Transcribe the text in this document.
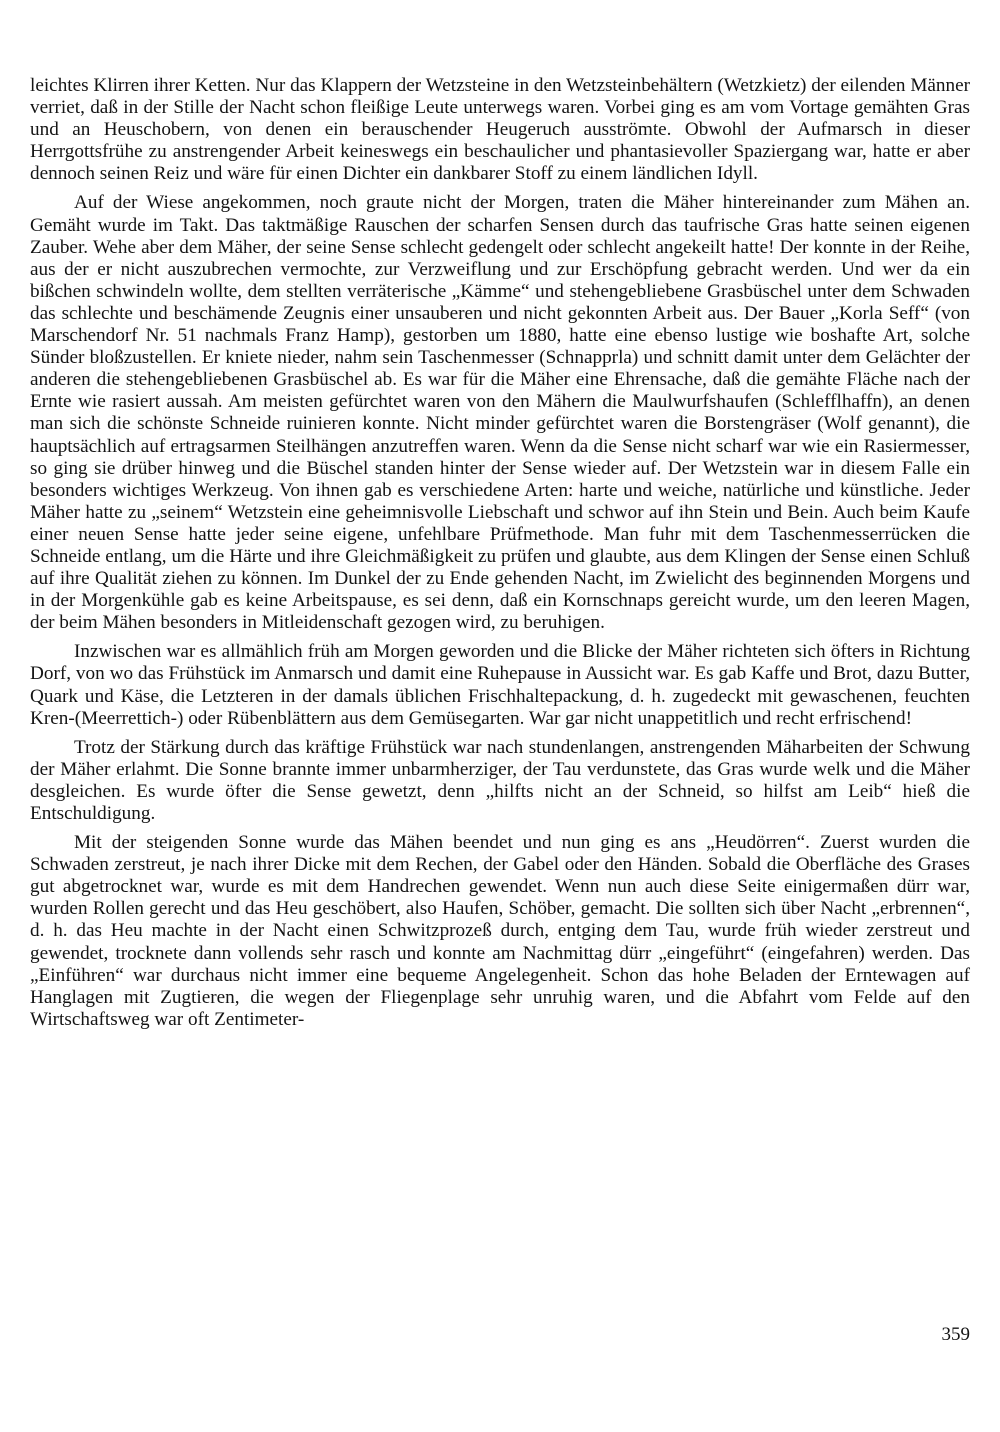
leichtes Klirren ihrer Ketten. Nur das Klappern der Wetzsteine in den Wetzsteinbehältern (Wetzkietz) der eilenden Männer verriet, daß in der Stille der Nacht schon fleißige Leute unterwegs waren. Vorbei ging es am vom Vortage gemähten Gras und an Heuschobern, von denen ein berauschender Heugeruch ausströmte. Obwohl der Aufmarsch in dieser Herrgottsfrühe zu anstrengender Arbeit keineswegs ein beschaulicher und phantasievoller Spaziergang war, hatte er aber dennoch seinen Reiz und wäre für einen Dichter ein dankbarer Stoff zu einem ländlichen Idyll.

Auf der Wiese angekommen, noch graute nicht der Morgen, traten die Mäher hintereinander zum Mähen an. Gemäht wurde im Takt. Das taktmäßige Rauschen der scharfen Sensen durch das taufrische Gras hatte seinen eigenen Zauber. Wehe aber dem Mäher, der seine Sense schlecht gedengelt oder schlecht angekeilt hatte! Der konnte in der Reihe, aus der er nicht auszubrechen vermochte, zur Verzweiflung und zur Erschöpfung gebracht werden. Und wer da ein bißchen schwindeln wollte, dem stellten verräterische „Kämme“ und stehengebliebene Grasbüschel unter dem Schwaden das schlechte und beschämende Zeugnis einer unsauberen und nicht gekonnten Arbeit aus. Der Bauer „Korla Seff“ (von Marschendorf Nr. 51 nachmals Franz Hamp), gestorben um 1880, hatte eine ebenso lustige wie boshafte Art, solche Sünder bloßzustellen. Er kniete nieder, nahm sein Taschenmesser (Schnapprla) und schnitt damit unter dem Gelächter der anderen die stehengebliebenen Grasbüschel ab. Es war für die Mäher eine Ehrensache, daß die gemähte Fläche nach der Ernte wie rasiert aussah. Am meisten gefürchtet waren von den Mähern die Maulwurfshaufen (Schlefflhaffn), an denen man sich die schönste Schneide ruinieren konnte. Nicht minder gefürchtet waren die Borstengräser (Wolf genannt), die hauptsächlich auf ertragsarmen Steilhängen anzutreffen waren. Wenn da die Sense nicht scharf war wie ein Rasiermesser, so ging sie drüber hinweg und die Büschel standen hinter der Sense wieder auf. Der Wetzstein war in diesem Falle ein besonders wichtiges Werkzeug. Von ihnen gab es verschiedene Arten: harte und weiche, natürliche und künstliche. Jeder Mäher hatte zu „seinem“ Wetzstein eine geheimnisvolle Liebschaft und schwor auf ihn Stein und Bein. Auch beim Kaufe einer neuen Sense hatte jeder seine eigene, unfehlbare Prüfmethode. Man fuhr mit dem Taschenmesserrücken die Schneide entlang, um die Härte und ihre Gleichmäßigkeit zu prüfen und glaubte, aus dem Klingen der Sense einen Schluß auf ihre Qualität ziehen zu können. Im Dunkel der zu Ende gehenden Nacht, im Zwielicht des beginnenden Morgens und in der Morgenkühle gab es keine Arbeitspause, es sei denn, daß ein Kornschnaps gereicht wurde, um den leeren Magen, der beim Mähen besonders in Mitleidenschaft gezogen wird, zu beruhigen.

Inzwischen war es allmählich früh am Morgen geworden und die Blicke der Mäher richteten sich öfters in Richtung Dorf, von wo das Frühstück im Anmarsch und damit eine Ruhepause in Aussicht war. Es gab Kaffe und Brot, dazu Butter, Quark und Käse, die Letzteren in der damals üblichen Frischhaltepackung, d. h. zugedeckt mit gewaschenen, feuchten Kren-(Meerrettich-) oder Rübenblättern aus dem Gemüsegarten. War gar nicht unappetitlich und recht erfrischend!

Trotz der Stärkung durch das kräftige Frühstück war nach stundenlangen, anstrengenden Mäharbeiten der Schwung der Mäher erlahmt. Die Sonne brannte immer unbarmherziger, der Tau verdunstete, das Gras wurde welk und die Mäher desgleichen. Es wurde öfter die Sense gewetzt, denn „hilfts nicht an der Schneid, so hilfst am Leib“ hieß die Entschuldigung.

Mit der steigenden Sonne wurde das Mähen beendet und nun ging es ans „Heudörren“. Zuerst wurden die Schwaden zerstreut, je nach ihrer Dicke mit dem Rechen, der Gabel oder den Händen. Sobald die Oberfläche des Grases gut abgetrocknet war, wurde es mit dem Handrechen gewendet. Wenn nun auch diese Seite einigermaßen dürr war, wurden Rollen gerecht und das Heu geschöbert, also Haufen, Schöber, gemacht. Die sollten sich über Nacht „erbrennen“, d. h. das Heu machte in der Nacht einen Schwitzprozeß durch, entging dem Tau, wurde früh wieder zerstreut und gewendet, trocknete dann vollends sehr rasch und konnte am Nachmittag dürr „eingeführt“ (eingefahren) werden. Das „Einführen“ war durchaus nicht immer eine bequeme Angelegenheit. Schon das hohe Beladen der Erntewagen auf Hanglagen mit Zugtieren, die wegen der Fliegenplage sehr unruhig waren, und die Abfahrt vom Felde auf den Wirtschaftsweg war oft Zentimeter-

359
